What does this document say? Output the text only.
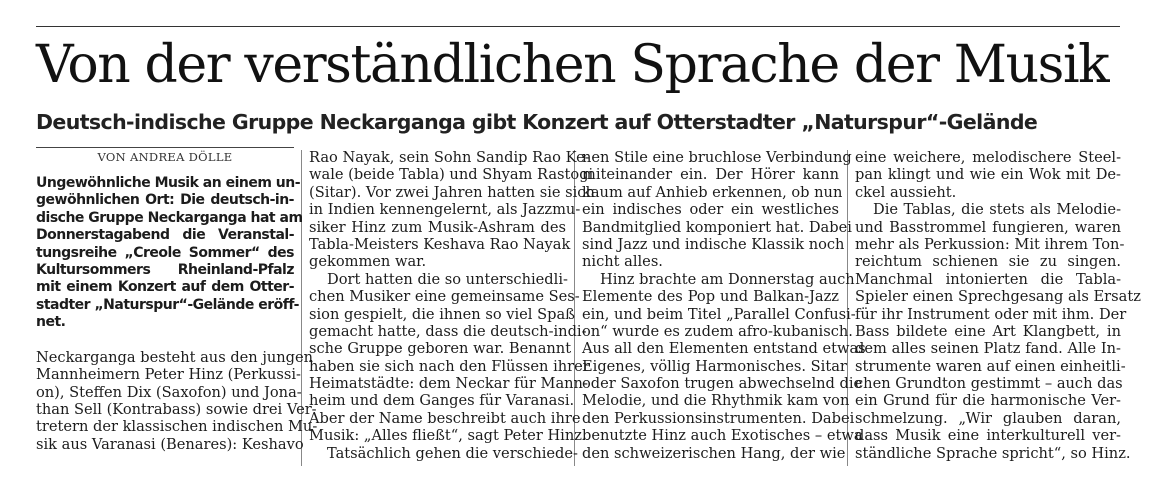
Von der verständlichen Sprache der Musik
Deutsch-indische Gruppe Neckarganga gibt Konzert auf Otterstadter „Naturspur“-Gelände
VON ANDREA DÖLLE
Ungewöhnliche Musik an einem un-
gewöhnlichen Ort: Die deutsch-in-
dische Gruppe Neckarganga hat am
Donnerstagabend die Veranstal-
tungsreihe „Creole Sommer“ des
Kultursommers Rheinland-Pfalz
mit einem Konzert auf dem Otter-
stadter „Naturspur“-Gelände eröff-
net.
Neckarganga besteht aus den jungen
Mannheimern Peter Hinz (Perkussi-
on), Steffen Dix (Saxofon) und Jona-
than Sell (Kontrabass) sowie drei Ver-
tretern der klassischen indischen Mu-
sik aus Varanasi (Benares): Keshavo
Rao Nayak, sein Sohn Sandip Rao Ke-
wale (beide Tabla) und Shyam Rastogi
(Sitar). Vor zwei Jahren hatten sie sich
in Indien kennengelernt, als Jazzmu-
siker Hinz zum Musik-Ashram des
Tabla-Meisters Keshava Rao Nayak
gekommen war.
Dort hatten die so unterschiedli-
chen Musiker eine gemeinsame Ses-
sion gespielt, die ihnen so viel Spaß
gemacht hatte, dass die deutsch-indi-
sche Gruppe geboren war. Benannt
haben sie sich nach den Flüssen ihrer
Heimatstädte: dem Neckar für Mann-
heim und dem Ganges für Varanasi.
Aber der Name beschreibt auch ihre
Musik: „Alles fließt“, sagt Peter Hinz.
Tatsächlich gehen die verschiede-
nen Stile eine bruchlose Verbindung
miteinander ein. Der Hörer kann
kaum auf Anhieb erkennen, ob nun
ein indisches oder ein westliches
Bandmitglied komponiert hat. Dabei
sind Jazz und indische Klassik noch
nicht alles.
Hinz brachte am Donnerstag auch
Elemente des Pop und Balkan-Jazz
ein, und beim Titel „Parallel Confusi-
on“ wurde es zudem afro-kubanisch.
Aus all den Elementen entstand etwas
Eigenes, völlig Harmonisches. Sitar
oder Saxofon trugen abwechselnd die
Melodie, und die Rhythmik kam von
den Perkussionsinstrumenten. Dabei
benutzte Hinz auch Exotisches – etwa
den schweizerischen Hang, der wie
eine weichere, melodischere Steel-
pan klingt und wie ein Wok mit De-
ckel aussieht.
Die Tablas, die stets als Melodie-
und Basstrommel fungieren, waren
mehr als Perkussion: Mit ihrem Ton-
reichtum schienen sie zu singen.
Manchmal intonierten die Tabla-
Spieler einen Sprechgesang als Ersatz
für ihr Instrument oder mit ihm. Der
Bass bildete eine Art Klangbett, in
dem alles seinen Platz fand. Alle In-
strumente waren auf einen einheitli-
chen Grundton gestimmt – auch das
ein Grund für die harmonische Ver-
schmelzung. „Wir glauben daran,
dass Musik eine interkulturell ver-
ständliche Sprache spricht“, so Hinz.
